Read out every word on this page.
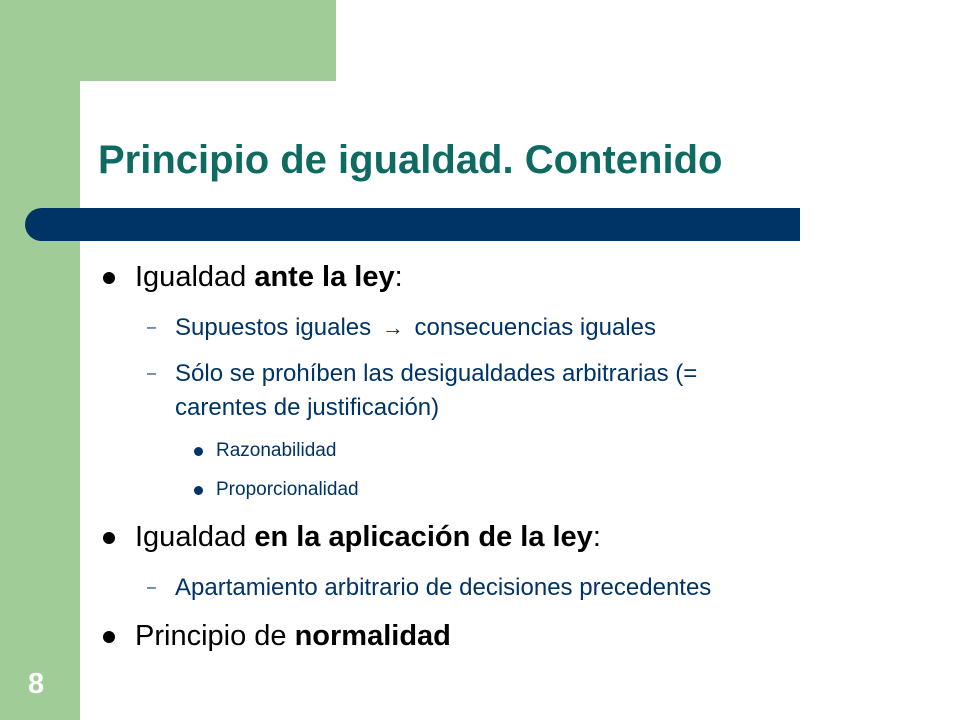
Principio de igualdad. Contenido
Igualdad ante la ley:
– Supuestos iguales → consecuencias iguales
– Sólo se prohíben las desigualdades arbitrarias (=
carentes de justificación)
Razonabilidad
Proporcionalidad
Igualdad en la aplicación de la ley:
– Apartamiento arbitrario de decisiones precedentes
Principio de normalidad
8
